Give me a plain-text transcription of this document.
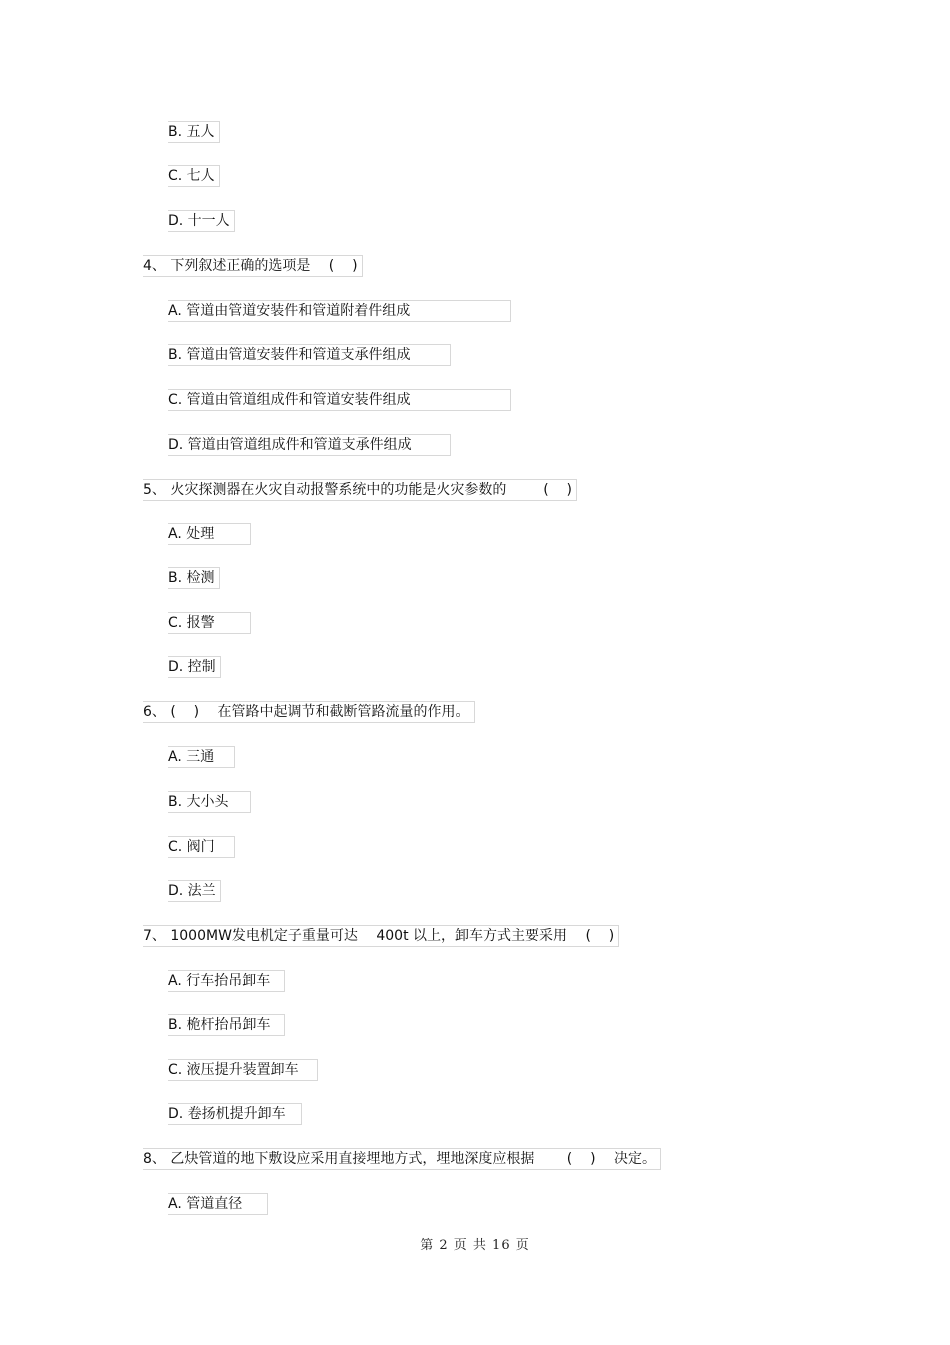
B. 五人
C. 七人
D. 十一人
4、 下列叙述正确的选项是　 (    )
A. 管道由管道安装件和管道附着件组成
B. 管道由管道安装件和管道支承件组成
C. 管道由管道组成件和管道安装件组成
D. 管道由管道组成件和管道支承件组成
5、 火灾探测器在火灾自动报警系统中的功能是火灾参数的　　  (    )
A. 处理
B. 检测
C. 报警
D. 控制
6、 (    )　 在管路中起调节和截断管路流量的作用。
A. 三通
B. 大小头
C. 阀门
D. 法兰
7、 1000MW发电机定子重量可达　 400t 以上，卸车方式主要采用　 (    )
A. 行车抬吊卸车
B. 桅杆抬吊卸车
C. 液压提升装置卸车
D. 卷扬机提升卸车
8、 乙炔管道的地下敷设应采用直接埋地方式，埋地深度应根据　　 (    )　 决定。
A. 管道直径
第 2 页 共 16 页
